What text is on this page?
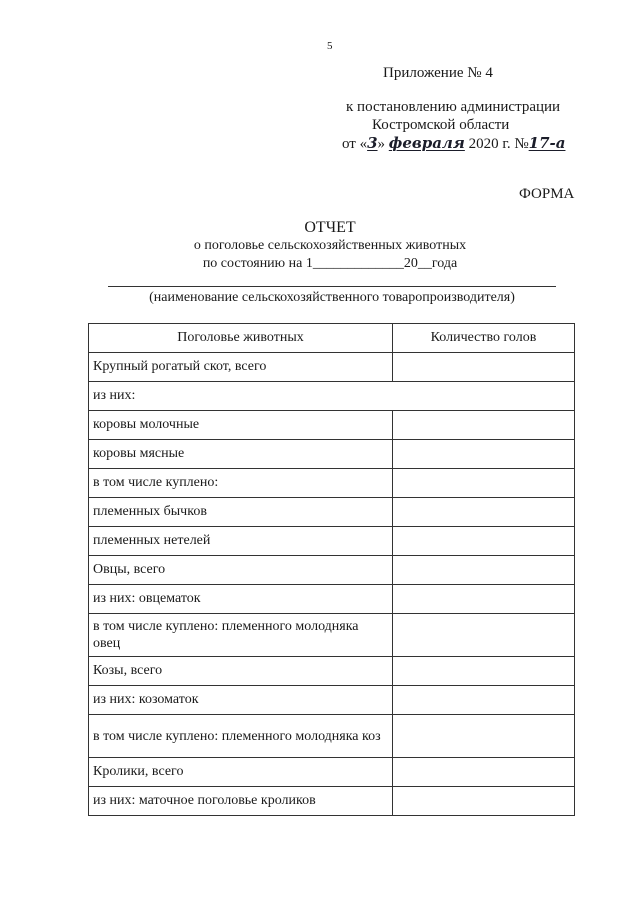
5
Приложение № 4
к постановлению администрации
Костромской области
от «3» февраля 2020 г. №17-а
ФОРМА
ОТЧЕТ
о поголовье сельскохозяйственных животных
по состоянию на 1_____________20__года
(наименование сельскохозяйственного товаропроизводителя)
Поголовье животных	Количество голов
Крупный рогатый скот, всего	
из них:	
коровы молочные	
коровы мясные	
в том числе куплено:	
племенных бычков	
племенных нетелей	
Овцы, всего	
из них: овцематок	
в том числе куплено: племенного молодняка овец	
Козы, всего	
из них: козоматок	
в том числе куплено: племенного молодняка коз	
Кролики, всего	
из них: маточное поголовье кроликов	
